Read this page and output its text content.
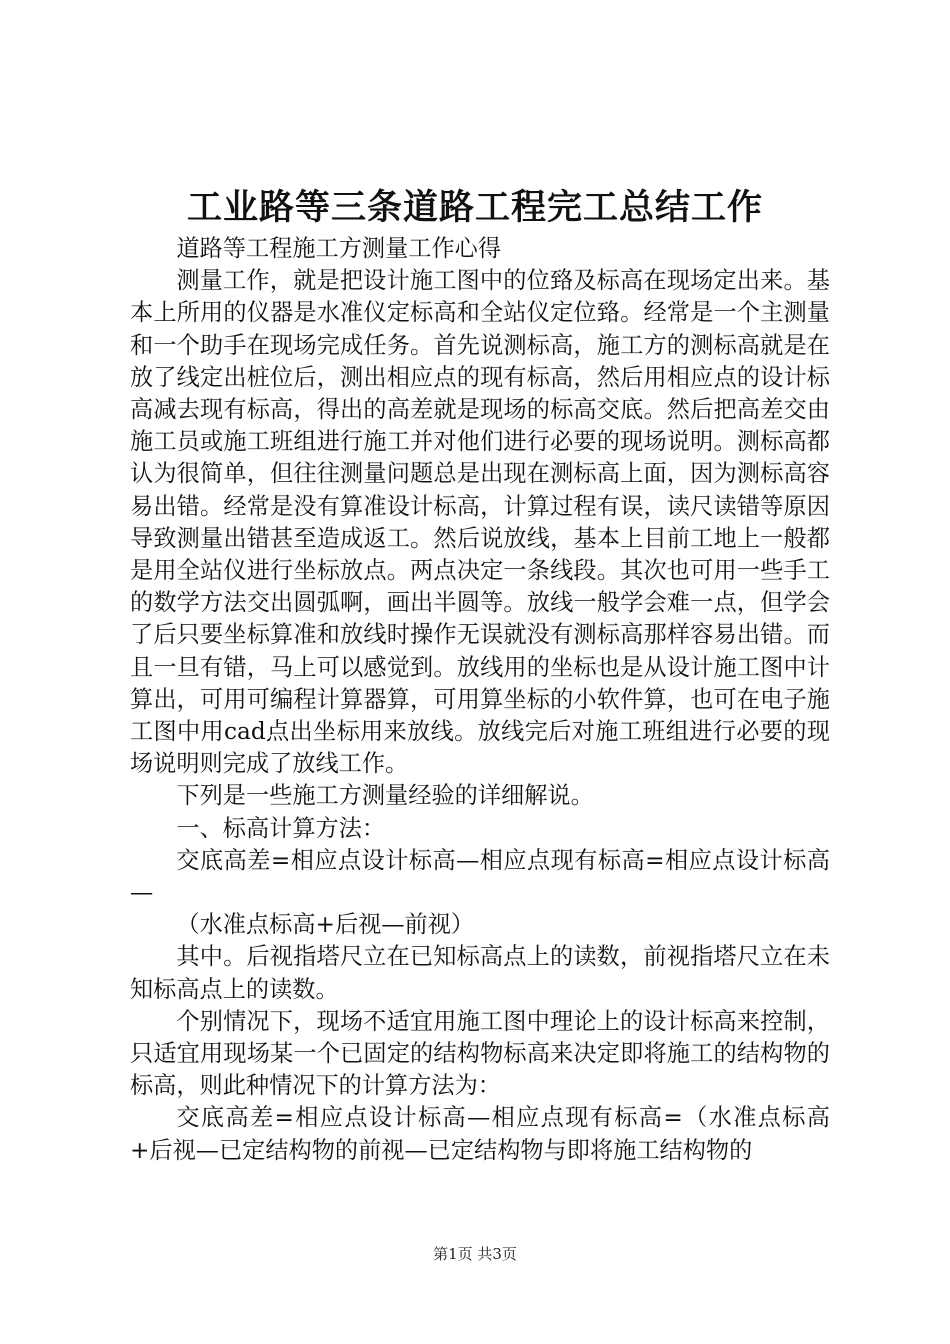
工业路等三条道路工程完工总结工作

道路等工程施工方测量工作心得

测量工作，就是把设计施工图中的位臵及标高在现场定出来。基本上所用的仪器是水准仪定标高和全站仪定位臵。经常是一个主测量和一个助手在现场完成任务。首先说测标高，施工方的测标高就是在放了线定出桩位后，测出相应点的现有标高，然后用相应点的设计标高减去现有标高，得出的高差就是现场的标高交底。然后把高差交由施工员或施工班组进行施工并对他们进行必要的现场说明。测标高都认为很简单，但往往测量问题总是出现在测标高上面，因为测标高容易出错。经常是没有算准设计标高，计算过程有误，读尺读错等原因导致测量出错甚至造成返工。然后说放线，基本上目前工地上一般都是用全站仪进行坐标放点。两点决定一条线段。其次也可用一些手工的数学方法交出圆弧啊，画出半圆等。放线一般学会难一点，但学会了后只要坐标算准和放线时操作无误就没有测标高那样容易出错。而且一旦有错，马上可以感觉到。放线用的坐标也是从设计施工图中计算出，可用可编程计算器算，可用算坐标的小软件算，也可在电子施工图中用cad点出坐标用来放线。放线完后对施工班组进行必要的现场说明则完成了放线工作。

下列是一些施工方测量经验的详细解说。

一、标高计算方法：

交底高差=相应点设计标高—相应点现有标高=相应点设计标高—

（水准点标高+后视—前视）

其中。后视指塔尺立在已知标高点上的读数，前视指塔尺立在未知标高点上的读数。

个别情况下，现场不适宜用施工图中理论上的设计标高来控制，只适宜用现场某一个已固定的结构物标高来决定即将施工的结构物的标高，则此种情况下的计算方法为：

交底高差=相应点设计标高—相应点现有标高=（水准点标高+后视—已定结构物的前视—已定结构物与即将施工结构物的

第1页 共3页
